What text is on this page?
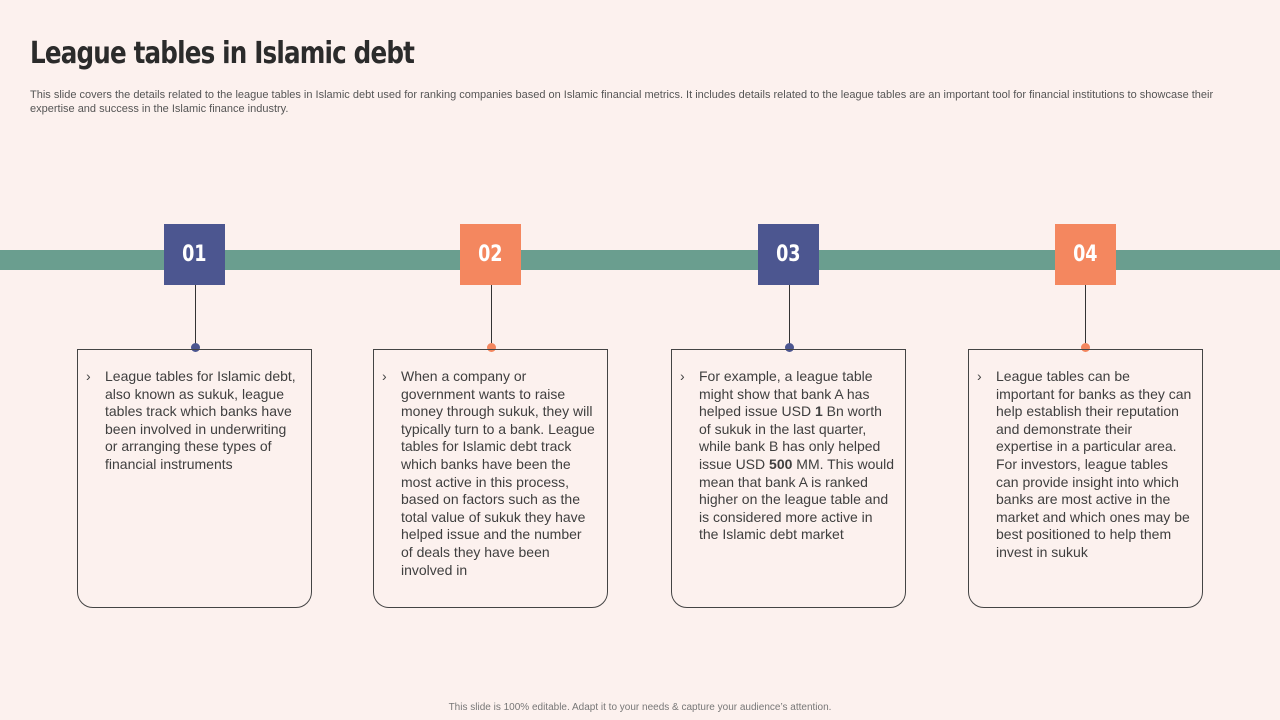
League tables in Islamic debt

This slide covers the details related to the league tables in Islamic debt used for ranking companies based on Islamic financial metrics. It includes details related to the league tables are an important tool for financial institutions to showcase their expertise and success in the Islamic finance industry.

01
› League tables for Islamic debt, also known as sukuk, league tables track which banks have been involved in underwriting or arranging these types of financial instruments

02
› When a company or government wants to raise money through sukuk, they will typically turn to a bank. League tables for Islamic debt track which banks have been the most active in this process, based on factors such as the total value of sukuk they have helped issue and the number of deals they have been involved in

03
› For example, a league table might show that bank A has helped issue USD 1 Bn worth of sukuk in the last quarter, while bank B has only helped issue USD 500 MM. This would mean that bank A is ranked higher on the league table and is considered more active in the Islamic debt market

04
› League tables can be important for banks as they can help establish their reputation and demonstrate their expertise in a particular area. For investors, league tables can provide insight into which banks are most active in the market and which ones may be best positioned to help them invest in sukuk

This slide is 100% editable. Adapt it to your needs & capture your audience’s attention.
